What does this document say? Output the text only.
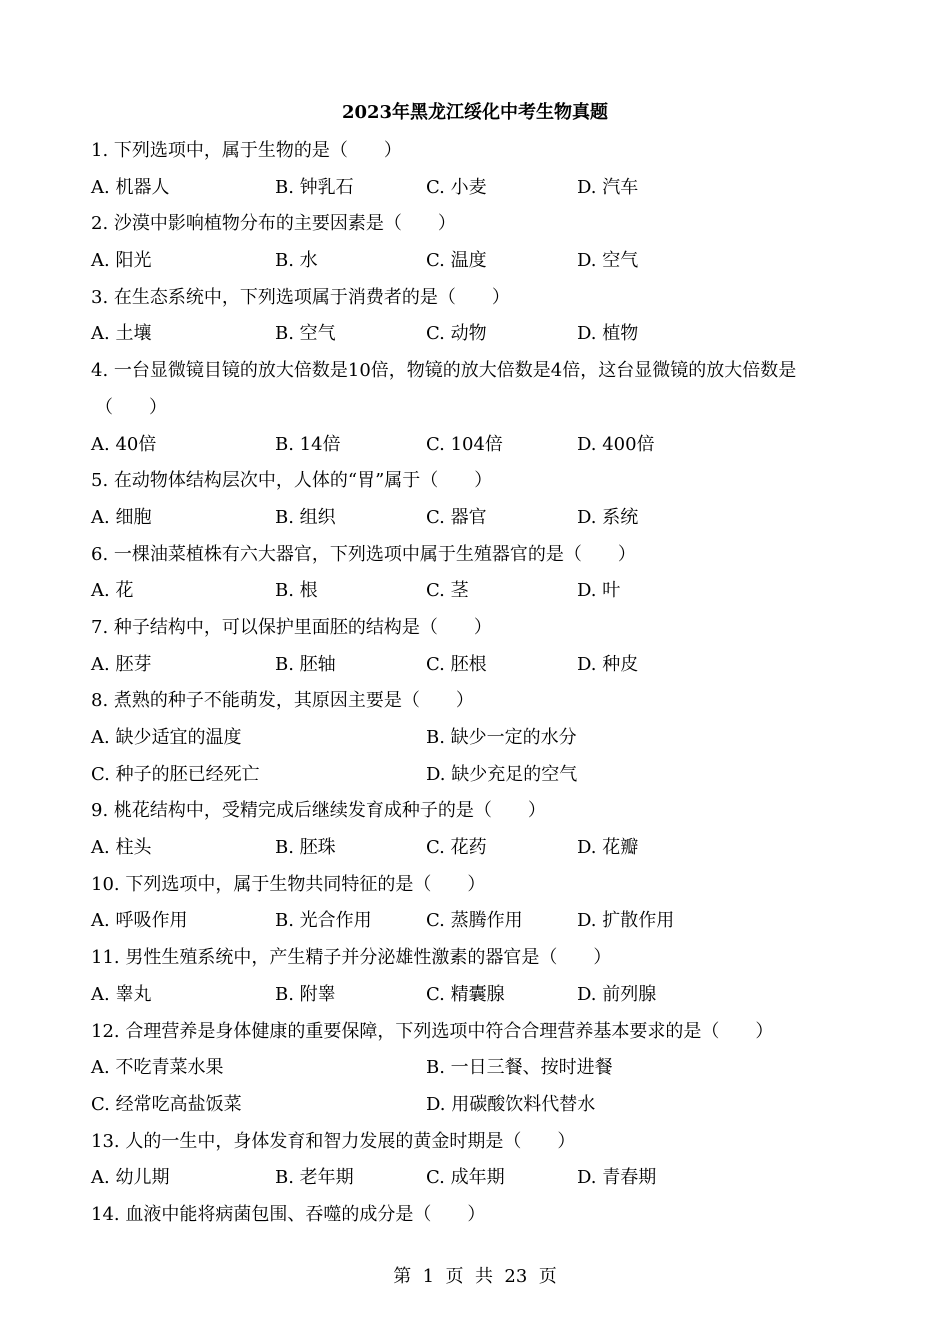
2023年黑龙江绥化中考生物真题
1. 下列选项中，属于生物的是（　　）
A. 机器人	B. 钟乳石	C. 小麦	D. 汽车
2. 沙漠中影响植物分布的主要因素是（　　）
A. 阳光	B. 水	C. 温度	D. 空气
3. 在生态系统中，下列选项属于消费者的是（　　）
A. 土壤	B. 空气	C. 动物	D. 植物
4. 一台显微镜目镜的放大倍数是10倍，物镜的放大倍数是4倍，这台显微镜的放大倍数是
（　　）
A. 40倍	B. 14倍	C. 104倍	D. 400倍
5. 在动物体结构层次中，人体的“胃”属于（　　）
A. 细胞	B. 组织	C. 器官	D. 系统
6. 一棵油菜植株有六大器官，下列选项中属于生殖器官的是（　　）
A. 花	B. 根	C. 茎	D. 叶
7. 种子结构中，可以保护里面胚的结构是（　　）
A. 胚芽	B. 胚轴	C. 胚根	D. 种皮
8. 煮熟的种子不能萌发，其原因主要是（　　）
A. 缺少适宜的温度	B. 缺少一定的水分
C. 种子的胚已经死亡	D. 缺少充足的空气
9. 桃花结构中，受精完成后继续发育成种子的是（　　）
A. 柱头	B. 胚珠	C. 花药	D. 花瓣
10. 下列选项中，属于生物共同特征的是（　　）
A. 呼吸作用	B. 光合作用	C. 蒸腾作用	D. 扩散作用
11. 男性生殖系统中，产生精子并分泌雄性激素的器官是（　　）
A. 睾丸	B. 附睾	C. 精囊腺	D. 前列腺
12. 合理营养是身体健康的重要保障，下列选项中符合合理营养基本要求的是（　　）
A. 不吃青菜水果	B. 一日三餐、按时进餐
C. 经常吃高盐饭菜	D. 用碳酸饮料代替水
13. 人的一生中，身体发育和智力发展的黄金时期是（　　）
A. 幼儿期	B. 老年期	C. 成年期	D. 青春期
14. 血液中能将病菌包围、吞噬的成分是（　　）
第  1  页  共  23  页
